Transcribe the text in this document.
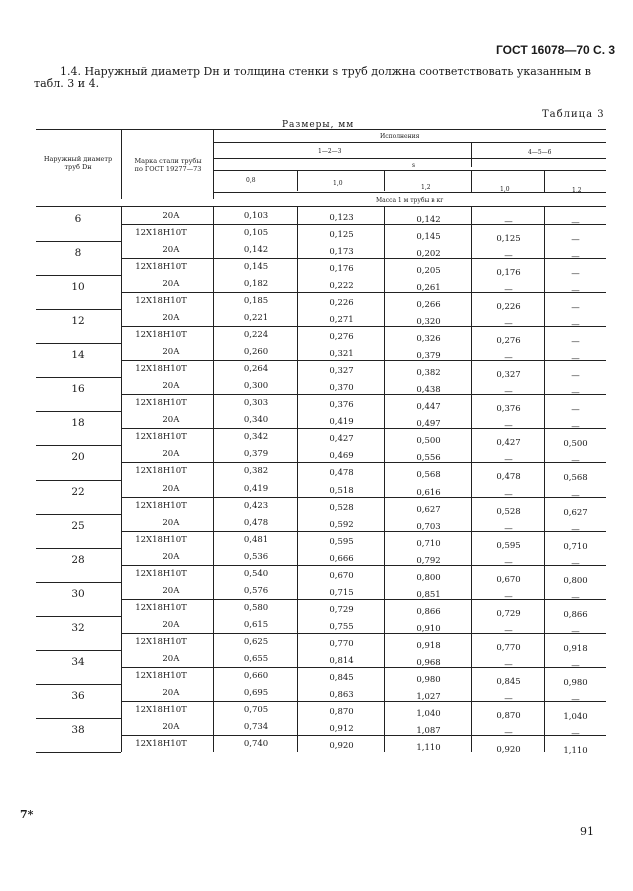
ГОСТ 16078—70 С. 3
1.4. Наружный диаметр Dн и толщина стенки s труб должна соответствовать указанным в
табл. 3 и 4.
Таблица 3
Размеры, мм
Наружный диаметр
труб Dн
Марка стали трубы
по ГОСТ 19277—73
Исполнения
1—2—3	4—5—6
s
0,8	1,0
1,2	1,0	1,2
Масса 1 м трубы в кг
6	20А	0,103	0,123	0,142	—	—
12Х18Н10Т	0,105	0,125	0,145	0,125	—
8	20А	0,142	0,173	0,202	—	—
12Х18Н10Т	0,145	0,176	0,205	0,176	—
10	20А	0,182	0,222	0,261	—	—
12Х18Н10Т	0,185	0,226	0,266	0,226	—
12	20А	0,221	0,271	0,320	—	—
12Х18Н10Т	0,224	0,276	0,326	0,276	—
14	20А	0,260	0,321	0,379	—	—
12Х18Н10Т	0,264	0,327	0,382	0,327	—
16	20А	0,300	0,370	0,438	—	—
12Х18Н10Т	0,303	0,376	0,447	0,376	—
18	20А	0,340	0,419	0,497	—	—
12Х18Н10Т	0,342	0,427	0,500	0,427	0,500
20	20А	0,379	0,469	0,556	—	—
12Х18Н10Т	0,382	0,478	0,568	0,478	0,568
22	20А	0,419	0,518	0,616	—	—
12Х18Н10Т	0,423	0,528	0,627	0,528	0,627
25	20А	0,478	0,592	0,703	—	—
12Х18Н10Т	0,481	0,595	0,710	0,595	0,710
28	20А	0,536	0,666	0,792	—	—
12Х18Н10Т	0,540	0,670	0,800	0,670	0,800
30	20А	0,576	0,715	0,851	—	—
12Х18Н10Т	0,580	0,729	0,866	0,729	0,866
32	20А	0,615	0,755	0,910	—	—
12Х18Н10Т	0,625	0,770	0,918	0,770	0,918
34	20А	0,655	0,814	0,968	—	—
12Х18Н10Т	0,660	0,845	0,980	0,845	0,980
36	20А	0,695	0,863	1,027	—	—
12Х18Н10Т	0,705	0,870	1,040	0,870	1,040
38	20А	0,734	0,912	1,087	—	—
12Х18Н10Т	0,740	0,920	1,110	0,920	1,110
7*
91
